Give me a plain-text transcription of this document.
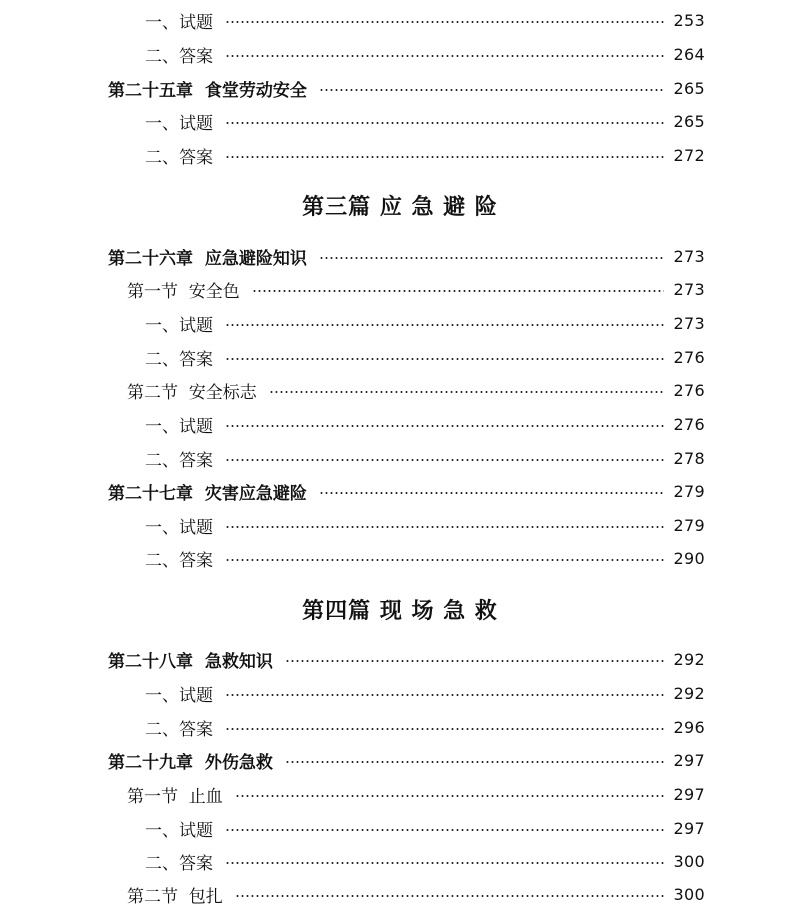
一、试题	253
二、答案	264
第二十五章  食堂劳动安全	265
一、试题	265
二、答案	272
第三篇 应 急 避 险
第二十六章  应急避险知识	273
第一节  安全色	273
一、试题	273
二、答案	276
第二节  安全标志	276
一、试题	276
二、答案	278
第二十七章  灾害应急避险	279
一、试题	279
二、答案	290
第四篇 现 场 急 救
第二十八章  急救知识	292
一、试题	292
二、答案	296
第二十九章  外伤急救	297
第一节  止血	297
一、试题	297
二、答案	300
第二节  包扎	300
